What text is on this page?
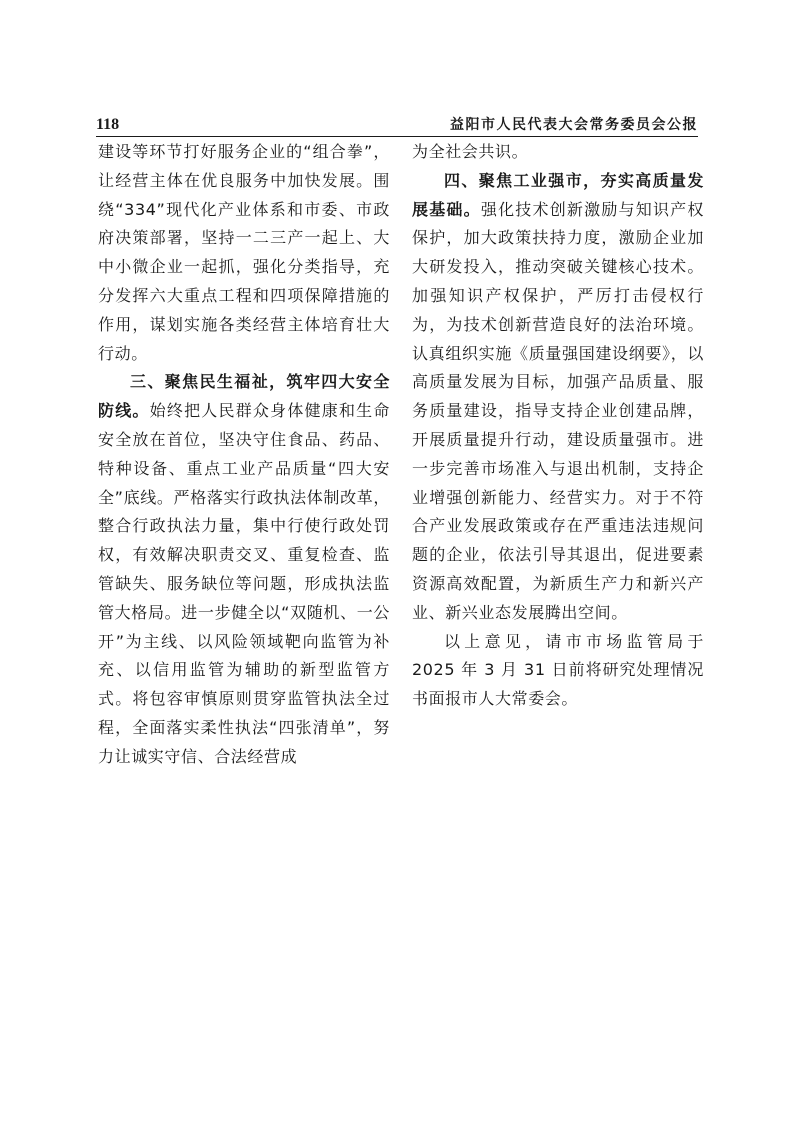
118	益阳市人民代表大会常务委员会公报

建设等环节打好服务企业的“组合拳”，让经营主体在优良服务中加快发展。围绕“334”现代化产业体系和市委、市政府决策部署，坚持一二三产一起上、大中小微企业一起抓，强化分类指导，充分发挥六大重点工程和四项保障措施的作用，谋划实施各类经营主体培育壮大行动。

三、聚焦民生福祉，筑牢四大安全防线。始终把人民群众身体健康和生命安全放在首位，坚决守住食品、药品、特种设备、重点工业产品质量“四大安全”底线。严格落实行政执法体制改革，整合行政执法力量，集中行使行政处罚权，有效解决职责交叉、重复检查、监管缺失、服务缺位等问题，形成执法监管大格局。进一步健全以“双随机、一公开”为主线、以风险领域靶向监管为补充、以信用监管为辅助的新型监管方式。将包容审慎原则贯穿监管执法全过程，全面落实柔性执法“四张清单”，努力让诚实守信、合法经营成

为全社会共识。

四、聚焦工业强市，夯实高质量发展基础。强化技术创新激励与知识产权保护，加大政策扶持力度，激励企业加大研发投入，推动突破关键核心技术。加强知识产权保护，严厉打击侵权行为，为技术创新营造良好的法治环境。认真组织实施《质量强国建设纲要》，以高质量发展为目标，加强产品质量、服务质量建设，指导支持企业创建品牌，开展质量提升行动，建设质量强市。进一步完善市场准入与退出机制，支持企业增强创新能力、经营实力。对于不符合产业发展政策或存在严重违法违规问题的企业，依法引导其退出，促进要素资源高效配置，为新质生产力和新兴产业、新兴业态发展腾出空间。

以上意见，请市市场监管局于 2025 年 3 月 31 日前将研究处理情况书面报市人大常委会。
